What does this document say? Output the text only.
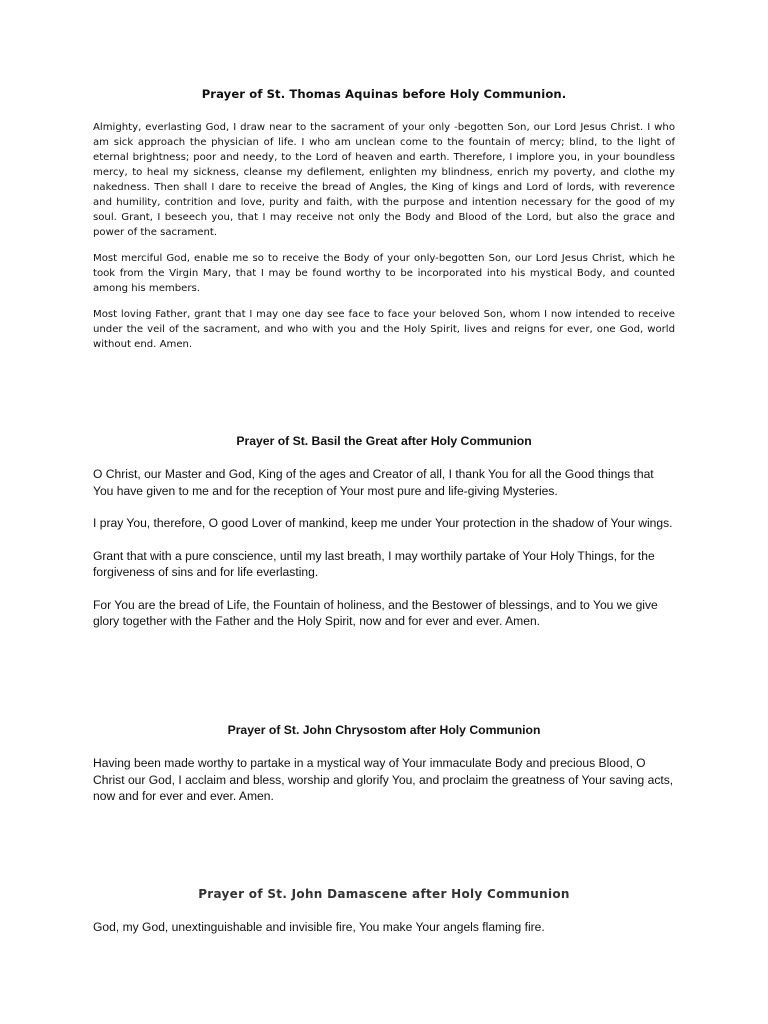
Prayer of St. Thomas Aquinas before Holy Communion.

Almighty, everlasting God, I draw near to the sacrament of your only -begotten Son, our Lord Jesus Christ. I who am sick approach the physician of life. I who am unclean come to the fountain of mercy; blind, to the light of eternal brightness; poor and needy, to the Lord of heaven and earth. Therefore, I implore you, in your boundless mercy, to heal my sickness, cleanse my defilement, enlighten my blindness, enrich my poverty, and clothe my nakedness. Then shall I dare to receive the bread of Angles, the King of kings and Lord of lords, with reverence and humility, contrition and love, purity and faith, with the purpose and intention necessary for the good of my soul. Grant, I beseech you, that I may receive not only the Body and Blood of the Lord, but also the grace and power of the sacrament.

Most merciful God, enable me so to receive the Body of your only-begotten Son, our Lord Jesus Christ, which he took from the Virgin Mary, that I may be found worthy to be incorporated into his mystical Body, and counted among his members.

Most loving Father, grant that I may one day see face to face your beloved Son, whom I now intended to receive under the veil of the sacrament, and who with you and the Holy Spirit, lives and reigns for ever, one God, world without end. Amen.

Prayer of St. Basil the Great after Holy Communion

O Christ, our Master and God, King of the ages and Creator of all, I thank You for all the Good things that You have given to me and for the reception of Your most pure and life-giving Mysteries.

I pray You, therefore, O good Lover of mankind, keep me under Your protection in the shadow of Your wings.

Grant that with a pure conscience, until my last breath, I may worthily partake of Your Holy Things, for the forgiveness of sins and for life everlasting.

For You are the bread of Life, the Fountain of holiness, and the Bestower of blessings, and to You we give glory together with the Father and the Holy Spirit, now and for ever and ever. Amen.

Prayer of St. John Chrysostom after Holy Communion

Having been made worthy to partake in a mystical way of Your immaculate Body and precious Blood, O Christ our God, I acclaim and bless, worship and glorify You, and proclaim the greatness of Your saving acts, now and for ever and ever. Amen.

Prayer of St. John Damascene after Holy Communion

God, my God, unextinguishable and invisible fire, You make Your angels flaming fire.
